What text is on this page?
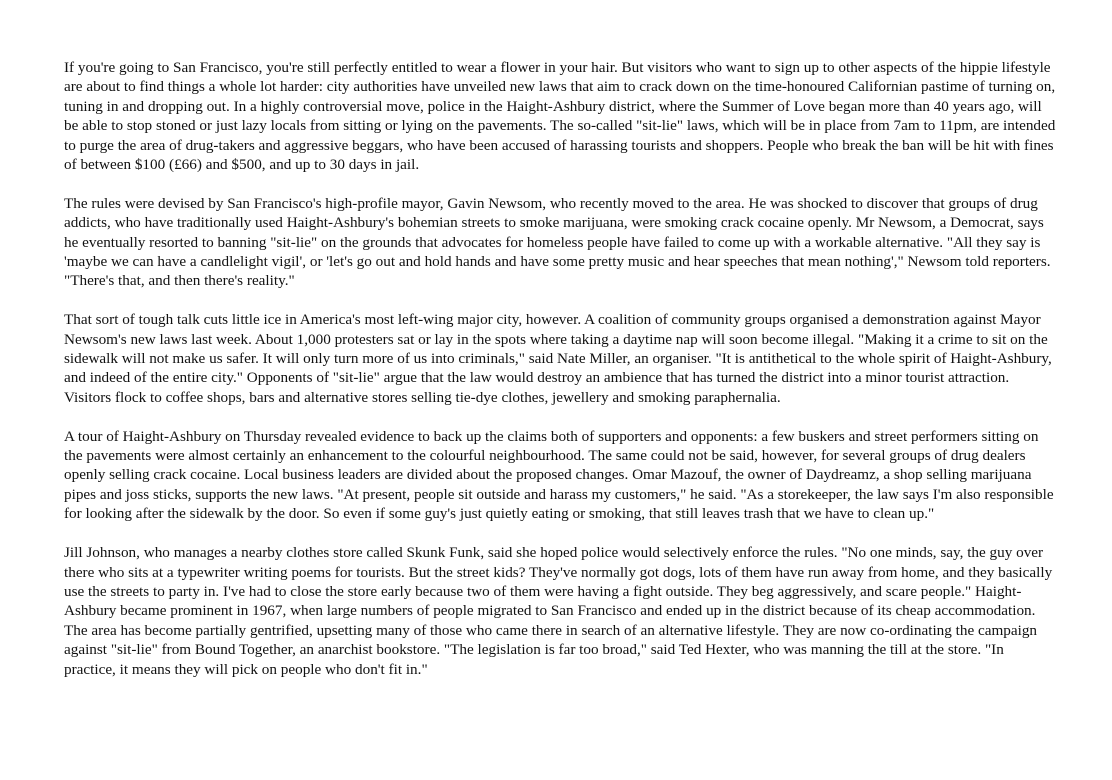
If you're going to San Francisco, you're still perfectly entitled to wear a flower in your hair. But visitors who want to sign up to other aspects of the hippie lifestyle are about to find things a whole lot harder: city authorities have unveiled new laws that aim to crack down on the time-honoured Californian pastime of turning on, tuning in and dropping out. In a highly controversial move, police in the Haight-Ashbury district, where the Summer of Love began more than 40 years ago, will be able to stop stoned or just lazy locals from sitting or lying on the pavements. The so-called "sit-lie" laws, which will be in place from 7am to 11pm, are intended to purge the area of drug-takers and aggressive beggars, who have been accused of harassing tourists and shoppers. People who break the ban will be hit with fines of between $100 (£66) and $500, and up to 30 days in jail.

The rules were devised by San Francisco's high-profile mayor, Gavin Newsom, who recently moved to the area. He was shocked to discover that groups of drug addicts, who have traditionally used Haight-Ashbury's bohemian streets to smoke marijuana, were smoking crack cocaine openly. Mr Newsom, a Democrat, says he eventually resorted to banning "sit-lie" on the grounds that advocates for homeless people have failed to come up with a workable alternative. "All they say is 'maybe we can have a candlelight vigil', or 'let's go out and hold hands and have some pretty music and hear speeches that mean nothing'," Newsom told reporters. "There's that, and then there's reality."

That sort of tough talk cuts little ice in America's most left-wing major city, however. A coalition of community groups organised a demonstration against Mayor Newsom's new laws last week. About 1,000 protesters sat or lay in the spots where taking a daytime nap will soon become illegal. "Making it a crime to sit on the sidewalk will not make us safer. It will only turn more of us into criminals," said Nate Miller, an organiser. "It is antithetical to the whole spirit of Haight-Ashbury, and indeed of the entire city." Opponents of "sit-lie" argue that the law would destroy an ambience that has turned the district into a minor tourist attraction. Visitors flock to coffee shops, bars and alternative stores selling tie-dye clothes, jewellery and smoking paraphernalia.

A tour of Haight-Ashbury on Thursday revealed evidence to back up the claims both of supporters and opponents: a few buskers and street performers sitting on the pavements were almost certainly an enhancement to the colourful neighbourhood. The same could not be said, however, for several groups of drug dealers openly selling crack cocaine. Local business leaders are divided about the proposed changes. Omar Mazouf, the owner of Daydreamz, a shop selling marijuana pipes and joss sticks, supports the new laws. "At present, people sit outside and harass my customers," he said. "As a storekeeper, the law says I'm also responsible for looking after the sidewalk by the door. So even if some guy's just quietly eating or smoking, that still leaves trash that we have to clean up."

Jill Johnson, who manages a nearby clothes store called Skunk Funk, said she hoped police would selectively enforce the rules. "No one minds, say, the guy over there who sits at a typewriter writing poems for tourists. But the street kids? They've normally got dogs, lots of them have run away from home, and they basically use the streets to party in. I've had to close the store early because two of them were having a fight outside. They beg aggressively, and scare people." Haight-Ashbury became prominent in 1967, when large numbers of people migrated to San Francisco and ended up in the district because of its cheap accommodation. The area has become partially gentrified, upsetting many of those who came there in search of an alternative lifestyle. They are now co-ordinating the campaign against "sit-lie" from Bound Together, an anarchist bookstore. "The legislation is far too broad," said Ted Hexter, who was manning the till at the store. "In practice, it means they will pick on people who don't fit in."
